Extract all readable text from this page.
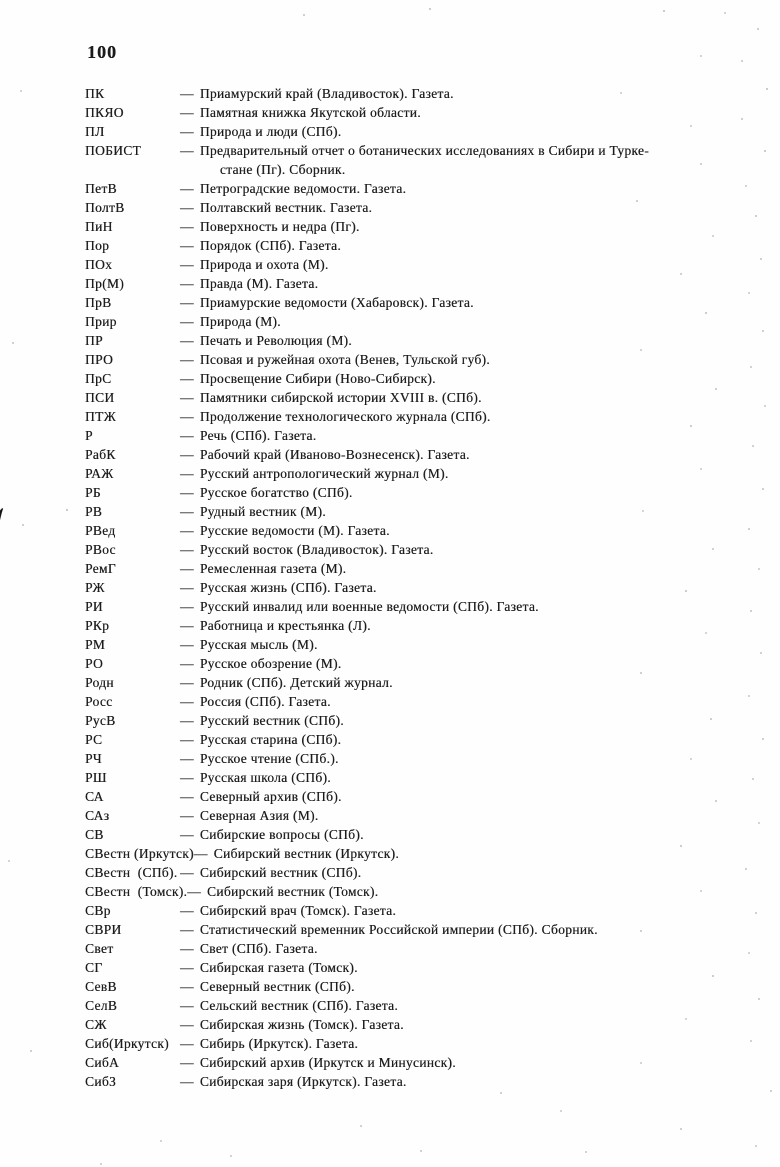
100
ПК	— Приамурский край (Владивосток). Газета.
ПКЯО	— Памятная книжка Якутской области.
ПЛ	— Природа и люди (СПб).
ПОБИСТ	— Предварительный отчет о ботанических исследованиях в Сибири и Турке-
стане (Пг). Сборник.
ПетВ	— Петроградские ведомости. Газета.
ПолтВ	— Полтавский вестник. Газета.
ПиН	— Поверхность и недра (Пг).
Пор	— Порядок (СПб). Газета.
ПОх	— Природа и охота (М).
Пр(М)	— Правда (М). Газета.
ПрВ	— Приамурские ведомости (Хабаровск). Газета.
Прир	— Природа (М).
ПР	— Печать и Революция (М).
ПРО	— Псовая и ружейная охота (Венев, Тульской губ).
ПрС	— Просвещение Сибири (Ново-Сибирск).
ПСИ	— Памятники сибирской истории XVIII в. (СПб).
ПТЖ	— Продолжение технологического журнала (СПб).
Р	— Речь (СПб). Газета.
РабК	— Рабочий край (Иваново-Вознесенск). Газета.
РАЖ	— Русский антропологический журнал (М).
РБ	— Русское богатство (СПб).
РВ	— Рудный вестник (М).
РВед	— Русские ведомости (М). Газета.
РВос	— Русский восток (Владивосток). Газета.
РемГ	— Ремесленная газета (М).
РЖ	— Русская жизнь (СПб). Газета.
РИ	— Русский инвалид или военные ведомости (СПб). Газета.
РКр	— Работница и крестьянка (Л).
РМ	— Русская мысль (М).
РО	— Русское обозрение (М).
Родн	— Родник (СПб). Детский журнал.
Росс	— Россия (СПб). Газета.
РусВ	— Русский вестник (СПб).
РС	— Русская старина (СПб).
РЧ	— Русское чтение (СПб.).
РШ	— Русская школа (СПб).
СА	— Северный архив (СПб).
САз	— Северная Азия (М).
СВ	— Сибирские вопросы (СПб).
СВестн (Иркутск) — Сибирский вестник (Иркутск).
СВестн  (СПб). — Сибирский вестник (СПб).
СВестн  (Томск). — Сибирский вестник (Томск).
СВр	— Сибирский врач (Томск). Газета.
СВРИ	— Статистический временник Российской империи (СПб). Сборник.
Свет	— Свет (СПб). Газета.
СГ	— Сибирская газета (Томск).
СевВ	— Северный вестник (СПб).
СелВ	— Сельский вестник (СПб). Газета.
СЖ	— Сибирская жизнь (Томск). Газета.
Сиб(Иркутск) — Сибирь (Иркутск). Газета.
СибА	— Сибирский архив (Иркутск и Минусинск).
СибЗ	— Сибирская заря (Иркутск). Газета.
